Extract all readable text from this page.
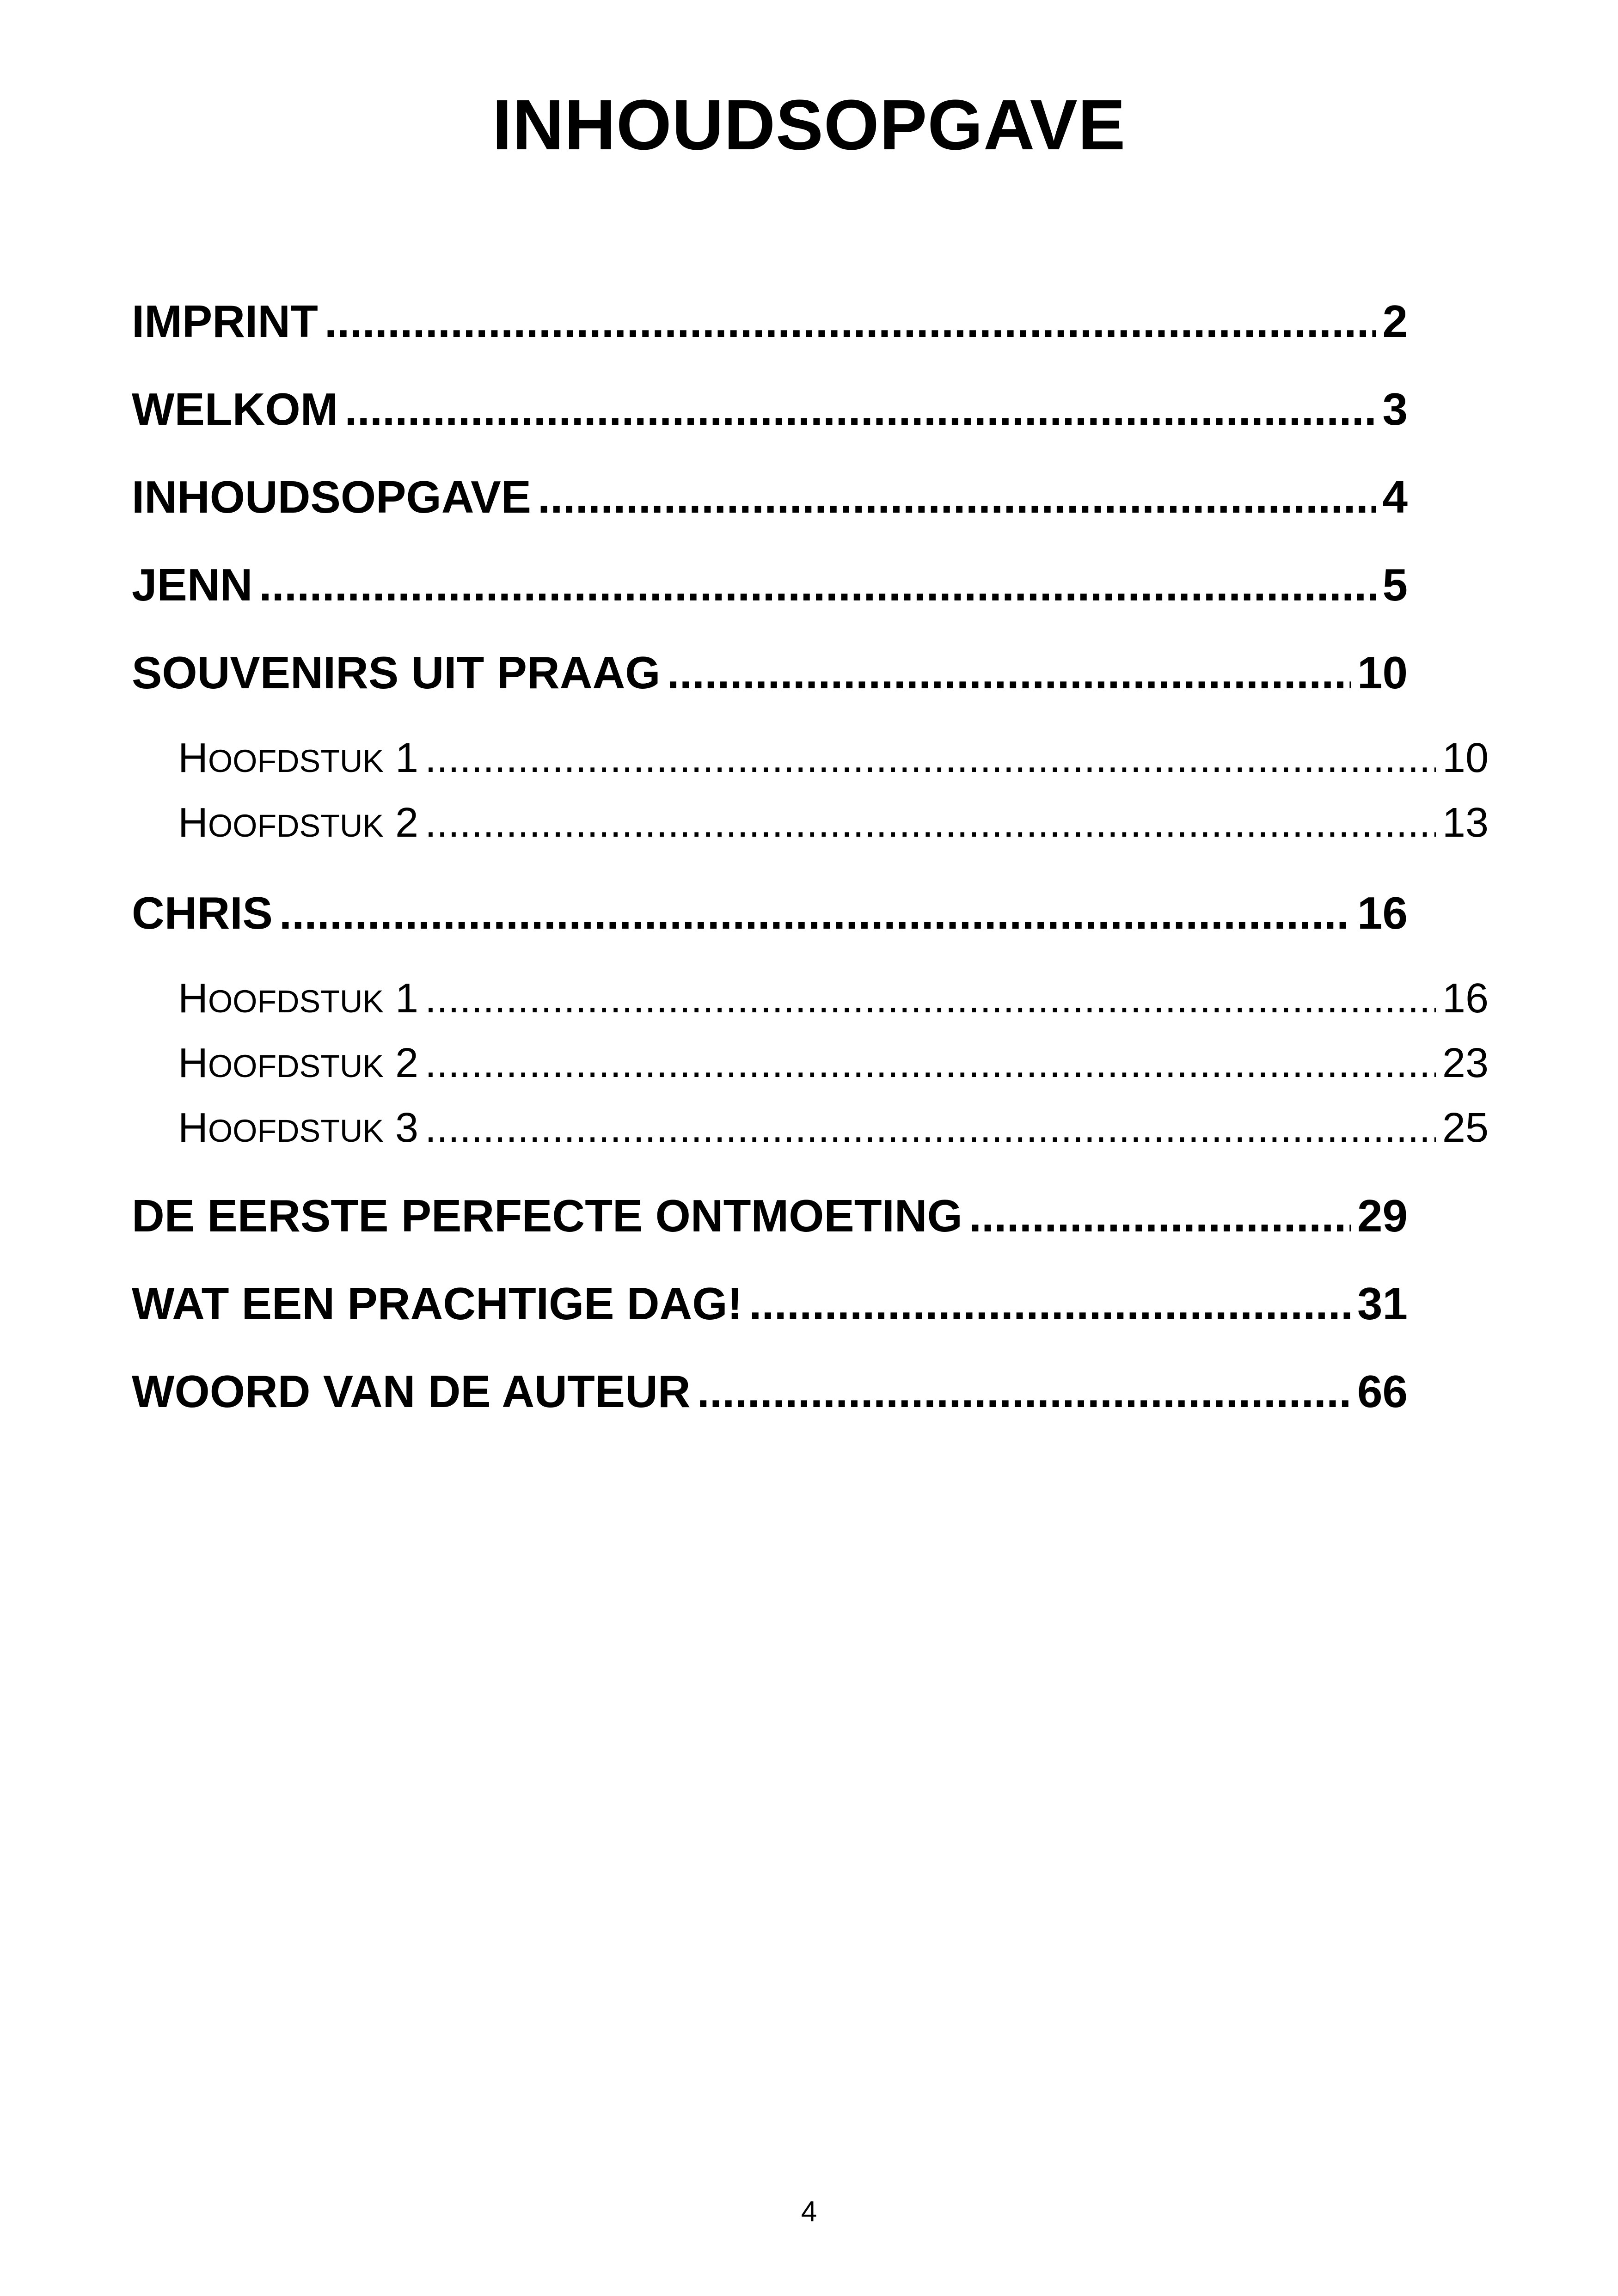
INHOUDSOPGAVE
IMPRINT .....	2
WELKOM .....	3
INHOUDSOPGAVE .....	4
JENN .....	5
SOUVENIRS UIT PRAAG .....	10
HOOFDSTUK 1 .....	10
HOOFDSTUK 2 .....	13
CHRIS .....	16
HOOFDSTUK 1 .....	16
HOOFDSTUK 2 .....	23
HOOFDSTUK 3 .....	25
DE EERSTE PERFECTE ONTMOETING .....	29
WAT EEN PRACHTIGE DAG! .....	31
WOORD VAN DE AUTEUR .....	66
4
